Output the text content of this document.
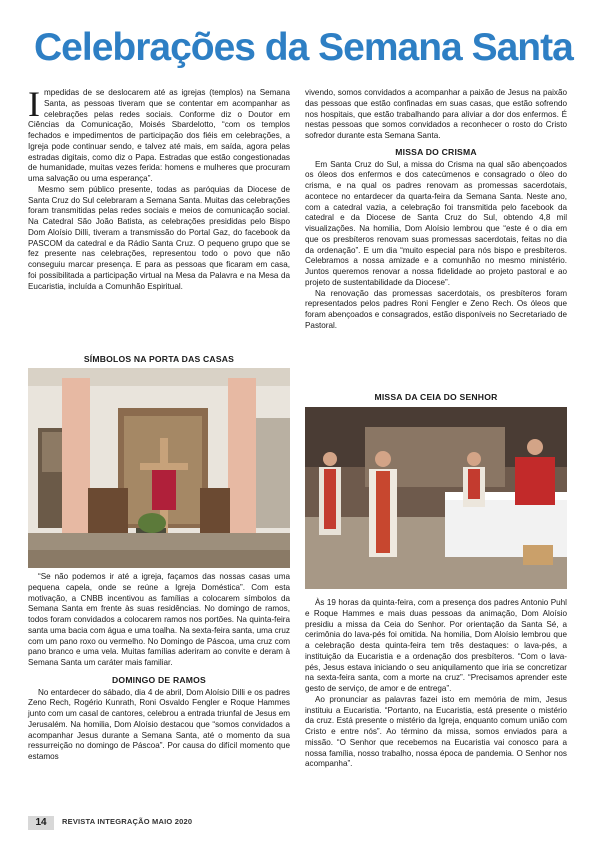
Celebrações da Semana Santa

Impedidas de se deslocarem até as igrejas (templos) na Semana Santa, as pessoas tiveram que se contentar em acompanhar as celebrações pelas redes sociais. Conforme diz o Doutor em Ciências da Comunicação, Moisés Sbardelotto, “com os templos fechados e impedimentos de participação dos fiéis em celebrações, a Igreja pode continuar sendo, e talvez até mais, em saída, agora pelas estradas digitais, como diz o Papa. Estradas que estão congestionadas de humanidade, muitas vezes ferida: homens e mulheres que procuram uma salvação ou uma esperança”.

Mesmo sem público presente, todas as paróquias da Diocese de Santa Cruz do Sul celebraram a Semana Santa. Muitas das celebrações foram transmitidas pelas redes sociais e meios de comunicação social. Na Catedral São João Batista, as celebrações presididas pelo Bispo Dom Aloísio Dilli, tiveram a transmissão do Portal Gaz, do facebook da PASCOM da catedral e da Rádio Santa Cruz. O pequeno grupo que se fez presente nas celebrações, representou todo o povo que não conseguiu marcar presença. E para as pessoas que ficaram em casa, foi possibilitada a participação virtual na Mesa da Palavra e na Mesa da Eucaristia, incluída a Comunhão Espiritual.

SÍMBOLOS NA PORTA DAS CASAS

“Se não podemos ir até a igreja, façamos das nossas casas uma pequena capela, onde se reúne a Igreja Doméstica”. Com esta motivação, a CNBB incentivou as famílias a colocarem símbolos da Semana Santa em frente às suas residências. No domingo de ramos, todos foram convidados a colocarem ramos nos portões. Na quinta-feira santa uma bacia com água e uma toalha. Na sexta-feira santa, uma cruz com um pano roxo ou vermelho. No Domingo de Páscoa, uma cruz com pano branco e uma vela. Muitas famílias aderiram ao convite e deram à Semana Santa um caráter mais familiar.

DOMINGO DE RAMOS

No entardecer do sábado, dia 4 de abril, Dom Aloísio Dilli e os padres Zeno Rech, Rogério Kunrath, Roni Osvaldo Fengler e Roque Hammes junto com um casal de cantores, celebrou a entrada triunfal de Jesus em Jerusalém. Na homilia, Dom Aloísio destacou que “somos convidados a acompanhar Jesus durante a Semana Santa, até o momento da sua ressurreição no domingo de Páscoa”. Por causa do difícil momento que estamos

vivendo, somos convidados a acompanhar a paixão de Jesus na paixão das pessoas que estão confinadas em suas casas, que estão sofrendo nos hospitais, que estão trabalhando para aliviar a dor dos enfermos. É nestas pessoas que somos convidados a reconhecer o rosto do Cristo sofredor durante esta Semana Santa.

MISSA DO CRISMA

Em Santa Cruz do Sul, a missa do Crisma na qual são abençoados os óleos dos enfermos e dos catecúmenos e consagrado o óleo do crisma, e na qual os padres renovam as promessas sacerdotais, acontece no entardecer da quarta-feira da Semana Santa. Neste ano, com a catedral vazia, a celebração foi transmitida pelo facebook da catedral e da Diocese de Santa Cruz do Sul, obtendo 4,8 mil visualizações. Na homilia, Dom Aloísio lembrou que “este é o dia em que os presbíteros renovam suas promessas sacerdotais, feitas no dia da ordenação”. E um dia “muito especial para nós bispo e presbíteros. Celebramos a nossa amizade e a comunhão no mesmo ministério. Juntos queremos renovar a nossa fidelidade ao projeto pastoral e ao projeto de sustentabilidade da Diocese”.

Na renovação das promessas sacerdotais, os presbíteros foram representados pelos padres Roni Fengler e Zeno Rech. Os óleos que foram abençoados e consagrados, estão disponíveis no Secretariado de Pastoral.

MISSA DA CEIA DO SENHOR

Às 19 horas da quinta-feira, com a presença dos padres Antonio Puhl e Roque Hammes e mais duas pessoas da animação, Dom Aloísio presidiu a missa da Ceia do Senhor. Por orientação da Santa Sé, a cerimônia do lava-pés foi omitida. Na homilia, Dom Aloísio lembrou que a celebração desta quinta-feira tem três destaques: o lava-pés, a instituição da Eucaristia e a ordenação dos presbíteros. “Com o lava-pés, Jesus estava iniciando o seu aniquilamento que iria se concretizar na sexta-feira santa, com a morte na cruz”. “Precisamos aprender este gesto de serviço, de amor e de entrega”.

Ao pronunciar as palavras fazei isto em memória de mim, Jesus instituiu a Eucaristia. “Portanto, na Eucaristia, está presente o mistério da cruz. Está presente o mistério da Igreja, enquanto comum união com Cristo e entre nós”. Ao término da missa, somos enviados para a missão. “O Senhor que recebemos na Eucaristia vai conosco para a nossa família, nosso trabalho, nossa época de pandemia. O Senhor nos acompanha”.

14	REVISTA INTEGRAÇÃO MAIO 2020
